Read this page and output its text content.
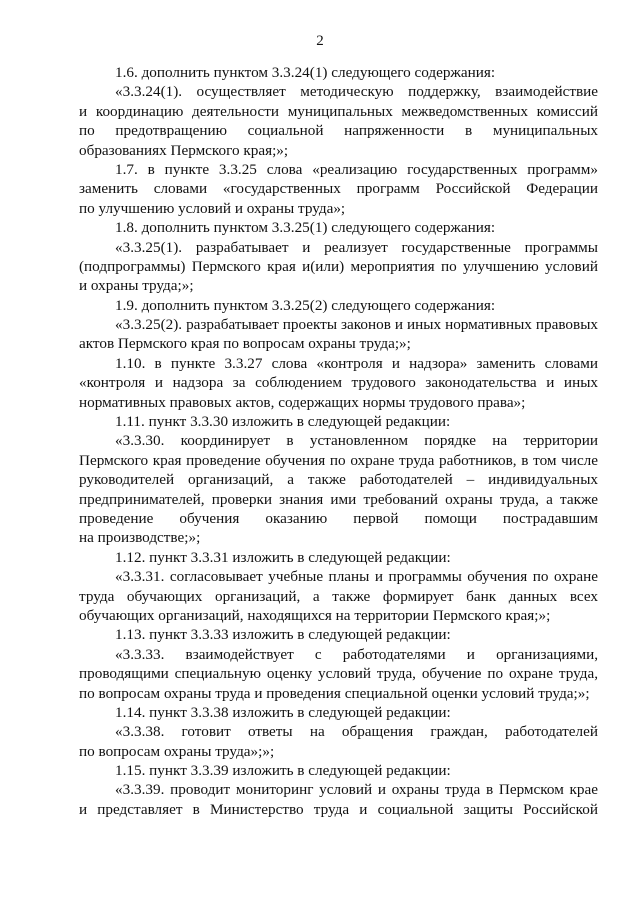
2
1.6. дополнить пунктом 3.3.24(1) следующего содержания:
«3.3.24(1). осуществляет методическую поддержку, взаимодействие
и координацию деятельности муниципальных межведомственных комиссий
по предотвращению социальной напряженности в муниципальных
образованиях Пермского края;»;
1.7. в пункте 3.3.25 слова «реализацию государственных программ»
заменить словами «государственных программ Российской Федерации
по улучшению условий и охраны труда»;
1.8. дополнить пунктом 3.3.25(1) следующего содержания:
«3.3.25(1). разрабатывает и реализует государственные программы
(подпрограммы) Пермского края и(или) мероприятия по улучшению условий
и охраны труда;»;
1.9. дополнить пунктом 3.3.25(2) следующего содержания:
«3.3.25(2). разрабатывает проекты законов и иных нормативных правовых
актов Пермского края по вопросам охраны труда;»;
1.10. в пункте 3.3.27 слова «контроля и надзора» заменить словами
«контроля и надзора за соблюдением трудового законодательства и иных
нормативных правовых актов, содержащих нормы трудового права»;
1.11. пункт 3.3.30 изложить в следующей редакции:
«3.3.30. координирует в установленном порядке на территории
Пермского края проведение обучения по охране труда работников, в том числе
руководителей организаций, а также работодателей – индивидуальных
предпринимателей, проверки знания ими требований охраны труда, а также
проведение обучения оказанию первой помощи пострадавшим
на производстве;»;
1.12. пункт 3.3.31 изложить в следующей редакции:
«3.3.31. согласовывает учебные планы и программы обучения по охране
труда обучающих организаций, а также формирует банк данных всех
обучающих организаций, находящихся на территории Пермского края;»;
1.13. пункт 3.3.33 изложить в следующей редакции:
«3.3.33. взаимодействует с работодателями и организациями,
проводящими специальную оценку условий труда, обучение по охране труда,
по вопросам охраны труда и проведения специальной оценки условий труда;»;
1.14. пункт 3.3.38 изложить в следующей редакции:
«3.3.38. готовит ответы на обращения граждан, работодателей
по вопросам охраны труда»;»;
1.15. пункт 3.3.39 изложить в следующей редакции:
«3.3.39. проводит мониторинг условий и охраны труда в Пермском крае
и представляет в Министерство труда и социальной защиты Российской
